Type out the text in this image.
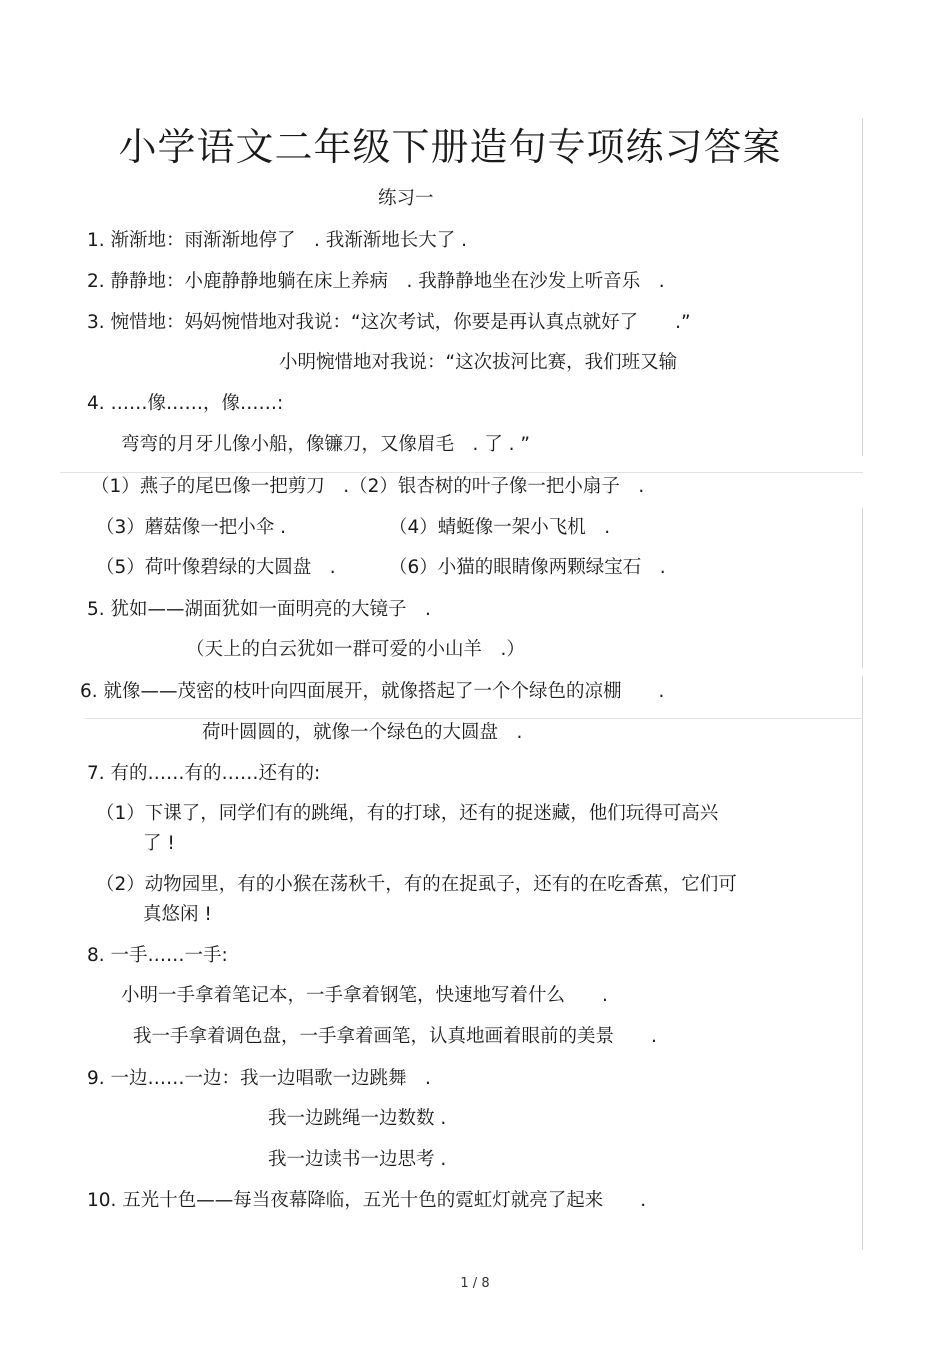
小学语文二年级下册造句专项练习答案
练习一
1. 渐渐地：雨渐渐地停了　. 我渐渐地长大了 .
2. 静静地：小鹿静静地躺在床上养病　. 我静静地坐在沙发上听音乐　.
3. 惋惜地：妈妈惋惜地对我说：“这次考试，你要是再认真点就好了　　.”
小明惋惜地对我说：“这次拔河比赛，我们班又输
4. ……像……，像……:
弯弯的月牙儿像小船，像镰刀，又像眉毛　. 了 . ”
（1）燕子的尾巴像一把剪刀　.（2）银杏树的叶子像一把小扇子　.
（3）蘑菇像一把小伞 .	（4）蜻蜓像一架小飞机　.
（5）荷叶像碧绿的大圆盘　.	（6）小猫的眼睛像两颗绿宝石　.
5. 犹如——湖面犹如一面明亮的大镜子　.
（天上的白云犹如一群可爱的小山羊　.）
6. 就像——茂密的枝叶向四面展开，就像搭起了一个个绿色的凉棚　　.
荷叶圆圆的，就像一个绿色的大圆盘　.
7. 有的……有的……还有的:
（1）下课了，同学们有的跳绳，有的打球，还有的捉迷藏，他们玩得可高兴
了 !
（2）动物园里，有的小猴在荡秋千，有的在捉虱子，还有的在吃香蕉，它们可
真悠闲 !
8. 一手……一手:
小明一手拿着笔记本，一手拿着钢笔，快速地写着什么　　.
我一手拿着调色盘，一手拿着画笔，认真地画着眼前的美景　　.
9. 一边……一边：我一边唱歌一边跳舞　.
我一边跳绳一边数数 .
我一边读书一边思考 .
10. 五光十色——每当夜幕降临，五光十色的霓虹灯就亮了起来　　.
1 / 8
